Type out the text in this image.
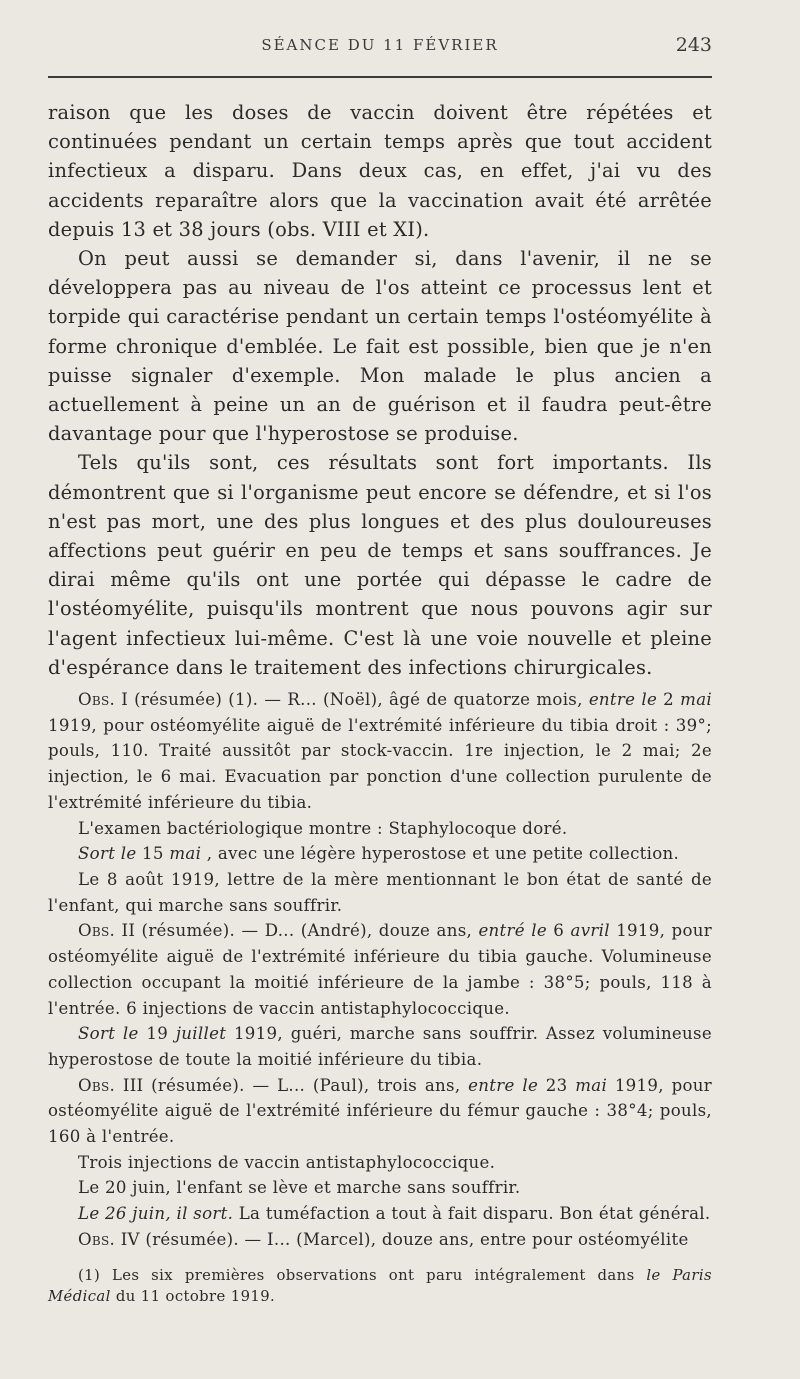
SÉANCE DU 11 FÉVRIER	243

raison que les doses de vaccin doivent être répétées et continuées pendant un certain temps après que tout accident infectieux a disparu. Dans deux cas, en effet, j'ai vu des accidents reparaître alors que la vaccination avait été arrêtée depuis 13 et 38 jours (obs. VIII et XI).

On peut aussi se demander si, dans l'avenir, il ne se développera pas au niveau de l'os atteint ce processus lent et torpide qui caractérise pendant un certain temps l'ostéomyélite à forme chronique d'emblée. Le fait est possible, bien que je n'en puisse signaler d'exemple. Mon malade le plus ancien a actuellement à peine un an de guérison et il faudra peut-être davantage pour que l'hyperostose se produise.

Tels qu'ils sont, ces résultats sont fort importants. Ils démontrent que si l'organisme peut encore se défendre, et si l'os n'est pas mort, une des plus longues et des plus douloureuses affections peut guérir en peu de temps et sans souffrances. Je dirai même qu'ils ont une portée qui dépasse le cadre de l'ostéomyélite, puisqu'ils montrent que nous pouvons agir sur l'agent infectieux lui-même. C'est là une voie nouvelle et pleine d'espérance dans le traitement des infections chirurgicales.

Obs. I (résumée) (1). — R... (Noël), âgé de quatorze mois, entre le 2 mai 1919, pour ostéomyélite aiguë de l'extrémité inférieure du tibia droit : 39°; pouls, 110. Traité aussitôt par stock-vaccin. 1re injection, le 2 mai; 2e injection, le 6 mai. Evacuation par ponction d'une collection purulente de l'extrémité inférieure du tibia.

L'examen bactériologique montre : Staphylocoque doré.

Sort le 15 mai , avec une légère hyperostose et une petite collection.

Le 8 août 1919, lettre de la mère mentionnant le bon état de santé de l'enfant, qui marche sans souffrir.

Obs. II (résumée). — D... (André), douze ans, entré le 6 avril 1919, pour ostéomyélite aiguë de l'extrémité inférieure du tibia gauche. Volumineuse collection occupant la moitié inférieure de la jambe : 38°5; pouls, 118 à l'entrée. 6 injections de vaccin antistaphylococcique.

Sort le 19 juillet 1919, guéri, marche sans souffrir. Assez volumineuse hyperostose de toute la moitié inférieure du tibia.

Obs. III (résumée). — L... (Paul), trois ans, entre le 23 mai 1919, pour ostéomyélite aiguë de l'extrémité inférieure du fémur gauche : 38°4; pouls, 160 à l'entrée.

Trois injections de vaccin antistaphylococcique.

Le 20 juin, l'enfant se lève et marche sans souffrir.

Le 26 juin, il sort. La tuméfaction a tout à fait disparu. Bon état général.

Obs. IV (résumée). — I... (Marcel), douze ans, entre pour ostéomyélite

(1) Les six premières observations ont paru intégralement dans le Paris Médical du 11 octobre 1919.
